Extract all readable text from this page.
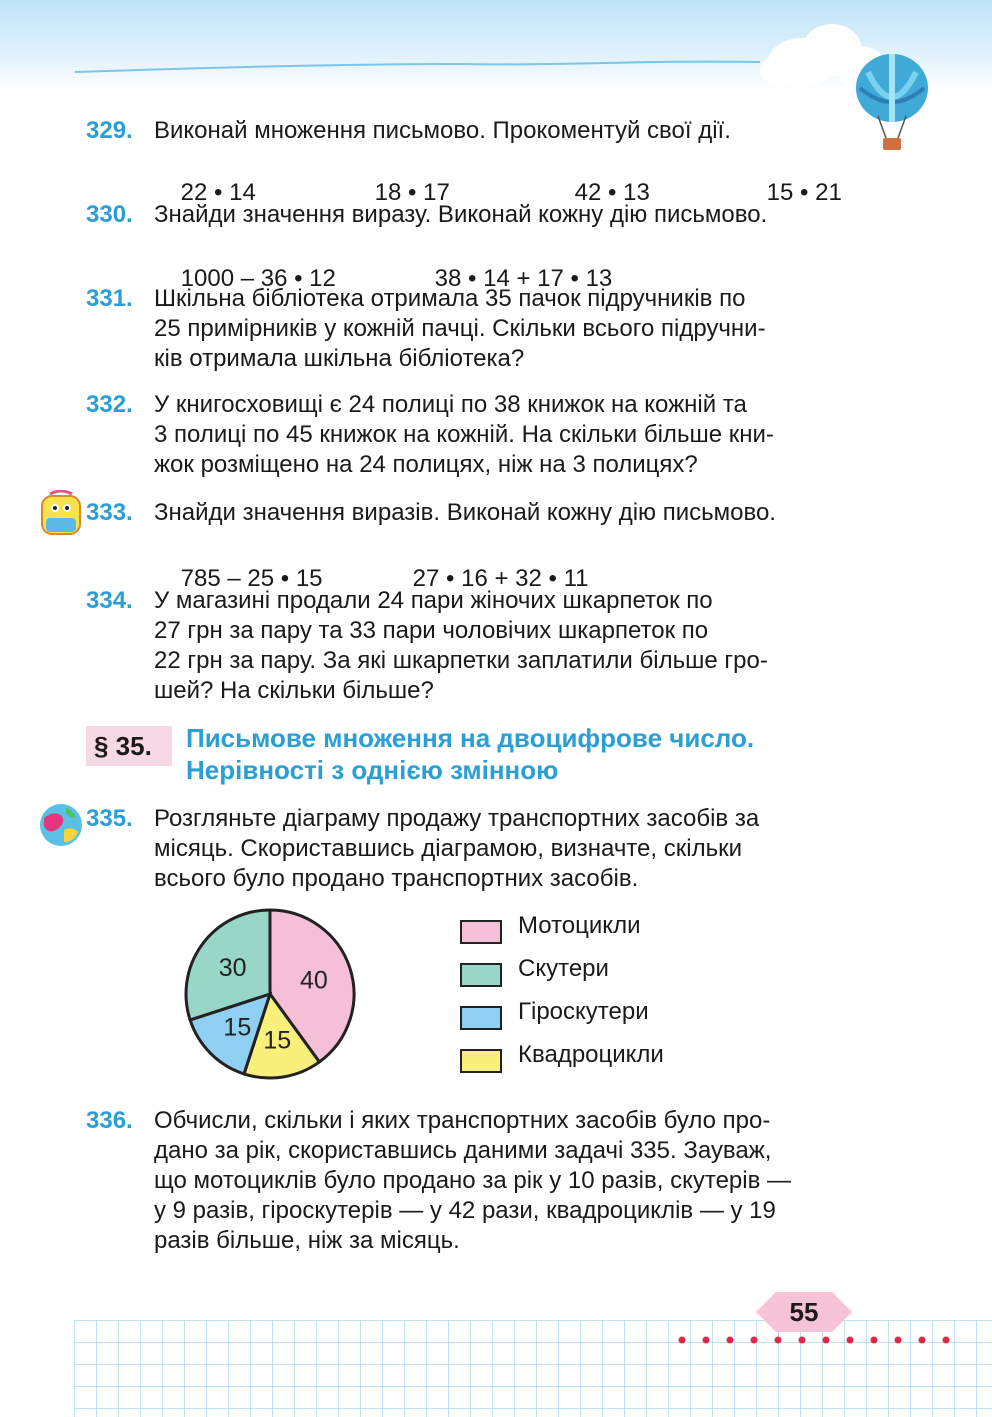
329. Виконай множення письмово. Прокоментуй свої дії.

22 • 14	18 • 17	42 • 13	15 • 21

330. Знайди значення виразу. Виконай кожну дію письмово.

1000 – 36 • 12	38 • 14 + 17 • 13

331. Шкільна бібліотека отримала 35 пачок підручників по
25 примірників у кожній пачці. Скільки всього підручни-
ків отримала шкільна бібліотека?
332. У книгосховищі є 24 полиці по 38 книжок на кожній та
3 полиці по 45 книжок на кожній. На скільки більше кни-
жок розміщено на 24 полицях, ніж на 3 полицях?
333. Знайди значення виразів. Виконай кожну дію письмово.

785 – 25 • 15	27 • 16 + 32 • 11

334. У магазині продали 24 пари жіночих шкарпеток по
27 грн за пару та 33 пари чоловічих шкарпеток по
22 грн за пару. За які шкарпетки заплатили більше гро-
шей? На скільки більше?
§ 35.	Письмове множення на двоцифрове число.
Нерівності з однією змінною
335. Розгляньте діаграму продажу транспортних засобів за
місяць. Скориставшись діаграмою, визначте, скільки
всього було продано транспортних засобів.
40
15
15
30
Мотоцикли
Скутери
Гіроскутери
Квадроцикли
336. Обчисли, скільки і яких транспортних засобів було про-
дано за рік, скориставшись даними задачі 335. Зауваж,
що мотоциклів було продано за рік у 10 разів, скутерів —
у 9 разів, гіроскутерів — у 42 рази, квадроциклів — у 19
разів більше, ніж за місяць.
55
